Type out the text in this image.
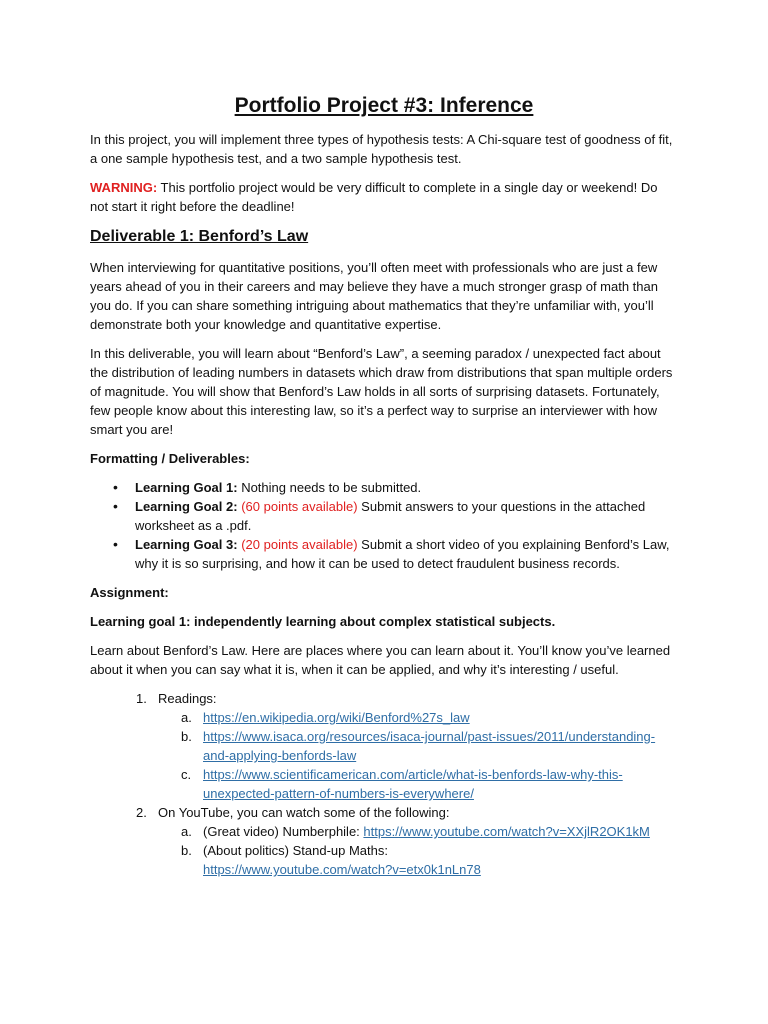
Portfolio Project #3: Inference

In this project, you will implement three types of hypothesis tests: A Chi-square test of goodness of fit, a one sample hypothesis test, and a two sample hypothesis test.

WARNING: This portfolio project would be very difficult to complete in a single day or weekend! Do not start it right before the deadline!

Deliverable 1: Benford’s Law

When interviewing for quantitative positions, you’ll often meet with professionals who are just a few years ahead of you in their careers and may believe they have a much stronger grasp of math than you do. If you can share something intriguing about mathematics that they’re unfamiliar with, you’ll demonstrate both your knowledge and quantitative expertise.

In this deliverable, you will learn about “Benford’s Law”, a seeming paradox / unexpected fact about the distribution of leading numbers in datasets which draw from distributions that span multiple orders of magnitude. You will show that Benford’s Law holds in all sorts of surprising datasets. Fortunately, few people know about this interesting law, so it’s a perfect way to surprise an interviewer with how smart you are!

Formatting / Deliverables:

• Learning Goal 1: Nothing needs to be submitted.
• Learning Goal 2: (60 points available) Submit answers to your questions in the attached worksheet as a .pdf.
• Learning Goal 3: (20 points available) Submit a short video of you explaining Benford’s Law, why it is so surprising, and how it can be used to detect fraudulent business records.

Assignment:

Learning goal 1: independently learning about complex statistical subjects.

Learn about Benford’s Law. Here are places where you can learn about it. You’ll know you’ve learned about it when you can say what it is, when it can be applied, and why it’s interesting / useful.

1. Readings:
a. https://en.wikipedia.org/wiki/Benford%27s_law
b. https://www.isaca.org/resources/isaca-journal/past-issues/2011/understanding-and-applying-benfords-law
c. https://www.scientificamerican.com/article/what-is-benfords-law-why-this-unexpected-pattern-of-numbers-is-everywhere/
2. On YouTube, you can watch some of the following:
a. (Great video) Numberphile: https://www.youtube.com/watch?v=XXjlR2OK1kM
b. (About politics) Stand-up Maths:
https://www.youtube.com/watch?v=etx0k1nLn78
